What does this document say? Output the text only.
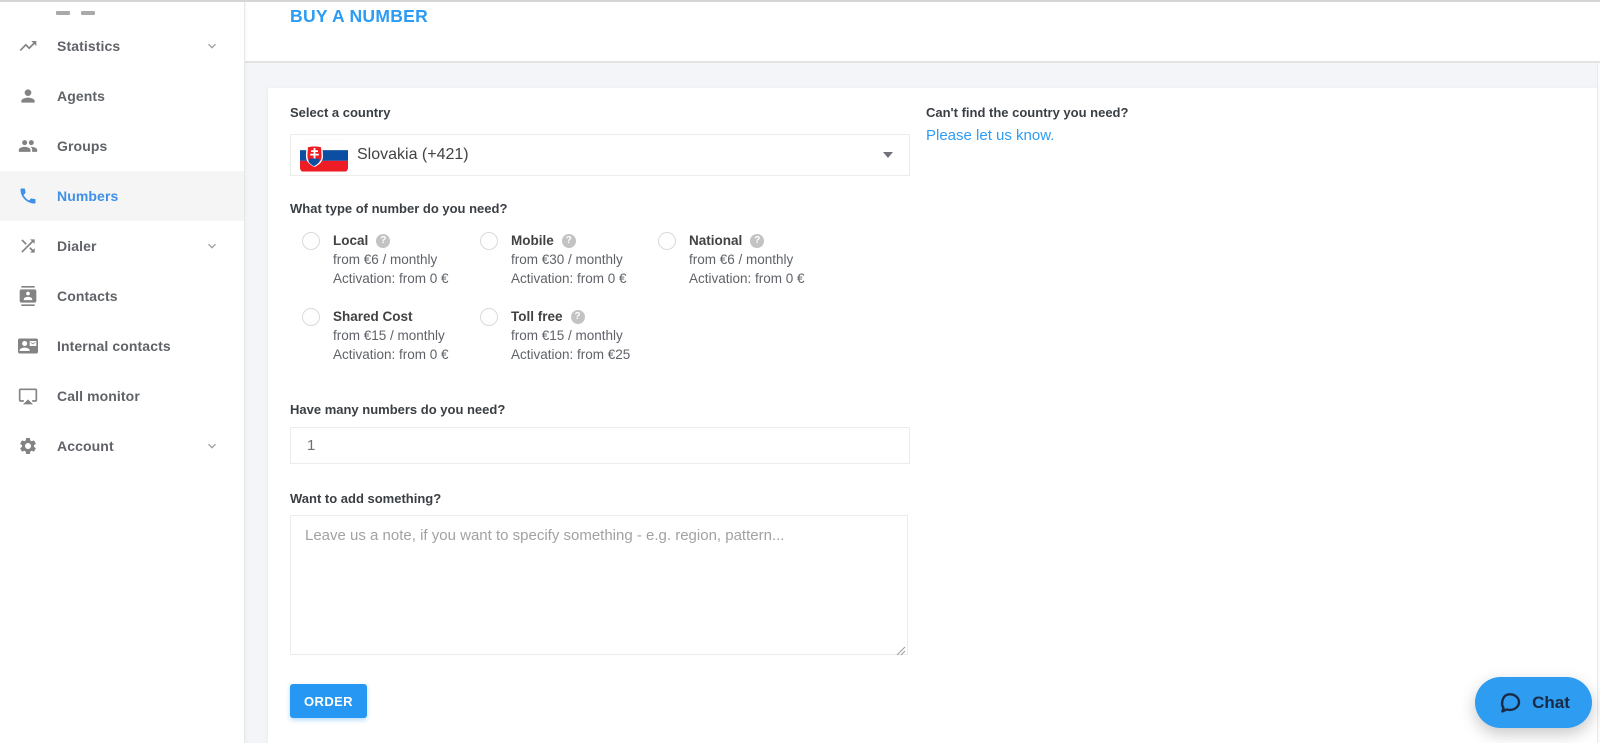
Statistics
Agents
Groups
Numbers
Dialer
Contacts
Internal contacts
Call monitor
Account
BUY A NUMBER
Select a country
Slovakia (+421)
What type of number do you need?
Local	?
from €6 / monthly
Activation: from 0 €
Mobile	?
from €30 / monthly
Activation: from 0 €
National	?
from €6 / monthly
Activation: from 0 €
Shared Cost
from €15 / monthly
Activation: from 0 €
Toll free	?
from €15 / monthly
Activation: from €25
Have many numbers do you need?
1
Want to add something?
Leave us a note, if you want to specify something - e.g. region, pattern...
ORDER
Can't find the country you need?
Please let us know.
Chat
